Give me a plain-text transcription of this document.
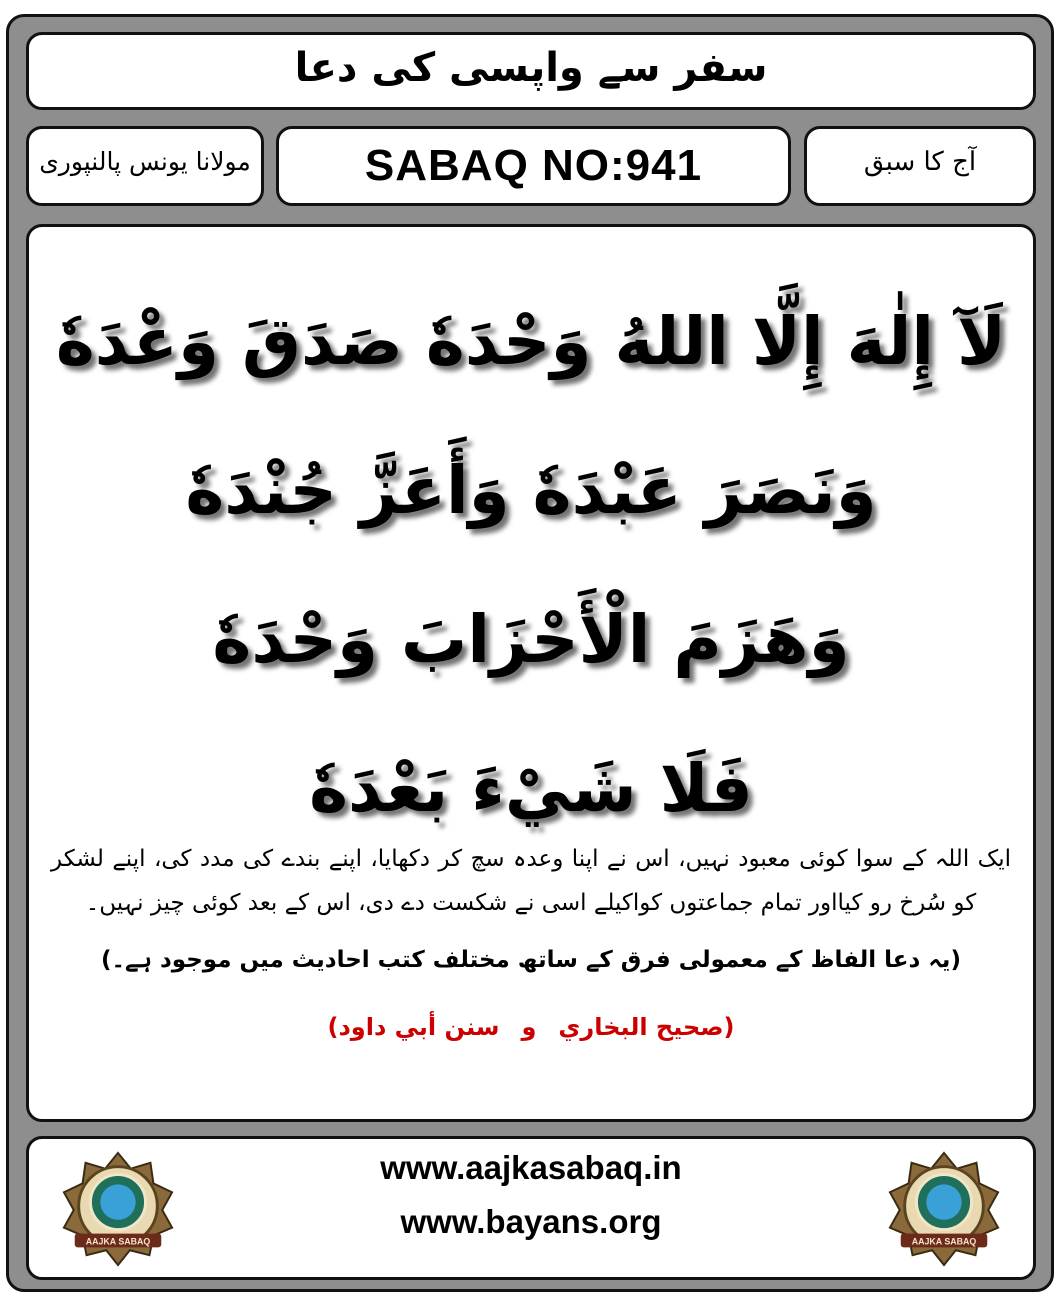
سفر سے واپسی کی دعا
مولانا یونس پالنپوری	SABAQ NO:941	آج کا سبق
لَآ إِلٰهَ إِلَّا اللهُ وَحْدَهٗ صَدَقَ وَعْدَهٗ
وَنَصَرَ عَبْدَهٗ وَأَعَزَّ جُنْدَهٗ
وَهَزَمَ الْأَحْزَابَ وَحْدَهٗ
فَلَا شَيْءَ بَعْدَهٗ
ایک اللہ کے سوا کوئی معبود نہیں، اس نے اپنا وعدہ سچ کر دکھایا، اپنے بندے کی مدد کی، اپنے لشکر کو سُرخ رو کیااور تمام جماعتوں کواکیلے اسی نے شکست دے دی، اس کے بعد کوئی چیز نہیں۔
(یہ دعا الفاظ کے معمولی فرق کے ساتھ مختلف کتب احادیث میں موجود ہے۔)
(صحيح البخاريوسنن أبي داود)
AAJKA SABAQ
www.aajkasabaq.in
www.bayans.org
AAJKA SABAQ
